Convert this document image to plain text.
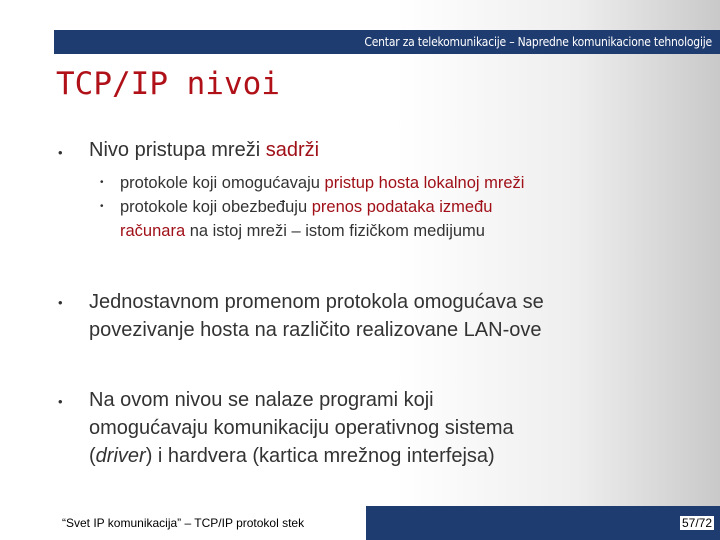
Centar za telekomunikacije – Napredne komunikacione tehnologije
TCP/IP nivoi
• Nivo pristupa mreži sadrži
• protokole koji omogućavaju pristup hosta lokalnoj mreži
• protokole koji obezbeđuju prenos podataka između
računara na istoj mreži – istom fizičkom medijumu
• Jednostavnom promenom protokola omogućava se
povezivanje hosta na različito realizovane LAN-ove
• Na ovom nivou se nalaze programi koji
omogućavaju komunikaciju operativnog sistema
(driver) i hardvera (kartica mrežnog interfejsa)
“Svet IP komunikacija” – TCP/IP protokol stek	57/72
